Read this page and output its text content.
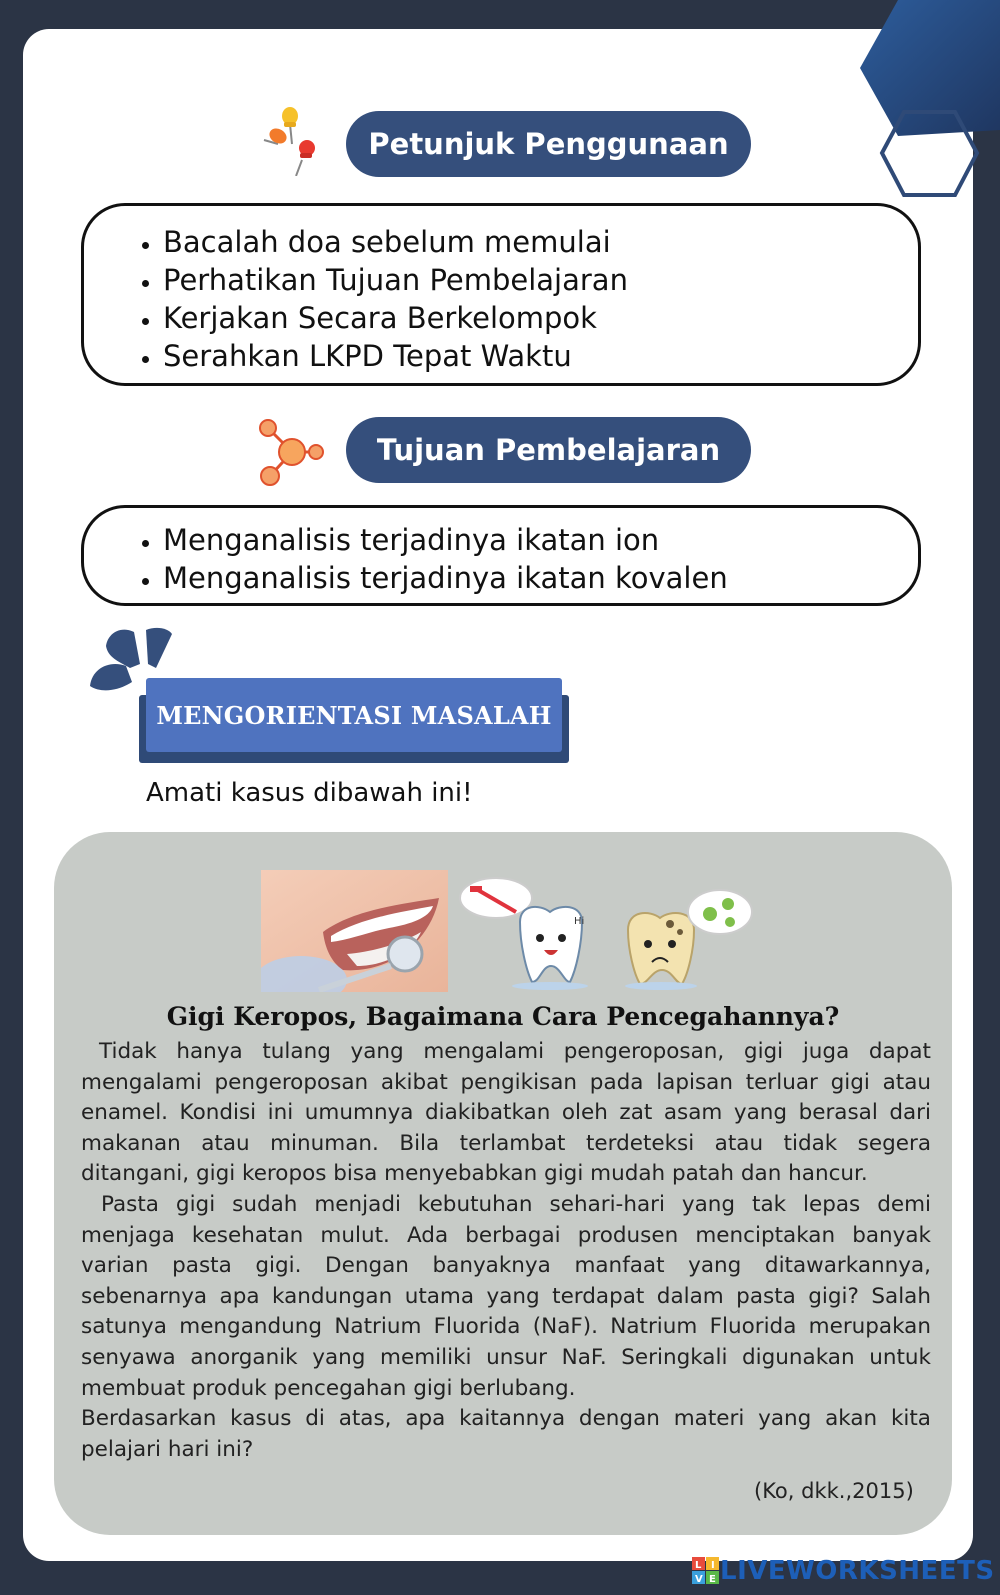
Petunjuk Penggunaan
• Bacalah doa sebelum memulai
• Perhatikan Tujuan Pembelajaran
• Kerjakan Secara Berkelompok
• Serahkan LKPD Tepat Waktu
Tujuan Pembelajaran
• Menganalisis terjadinya ikatan ion
• Menganalisis terjadinya ikatan kovalen
MENGORIENTASI MASALAH
Amati kasus dibawah ini!
Hi
Gigi Keropos, Bagaimana Cara Pencegahannya?

Tidak hanya tulang yang mengalami pengeroposan, gigi juga dapat mengalami pengeroposan akibat pengikisan pada lapisan terluar gigi atau enamel. Kondisi ini umumnya diakibatkan oleh zat asam yang berasal dari makanan atau minuman. Bila terlambat terdeteksi atau tidak segera ditangani, gigi keropos bisa menyebabkan gigi mudah patah dan hancur.

Pasta gigi sudah menjadi kebutuhan sehari-hari yang tak lepas demi menjaga kesehatan mulut. Ada berbagai produsen menciptakan banyak varian pasta gigi. Dengan banyaknya manfaat yang ditawarkannya, sebenarnya apa kandungan utama yang terdapat dalam pasta gigi? Salah satunya mengandung Natrium Fluorida (NaF). Natrium Fluorida merupakan senyawa anorganik yang memiliki unsur NaF. Seringkali digunakan untuk membuat produk pencegahan gigi berlubang.

Berdasarkan kasus di atas, apa kaitannya dengan materi yang akan kita pelajari hari ini?

(Ko, dkk.,2015)
L I
V E LIVEWORKSHEETS
